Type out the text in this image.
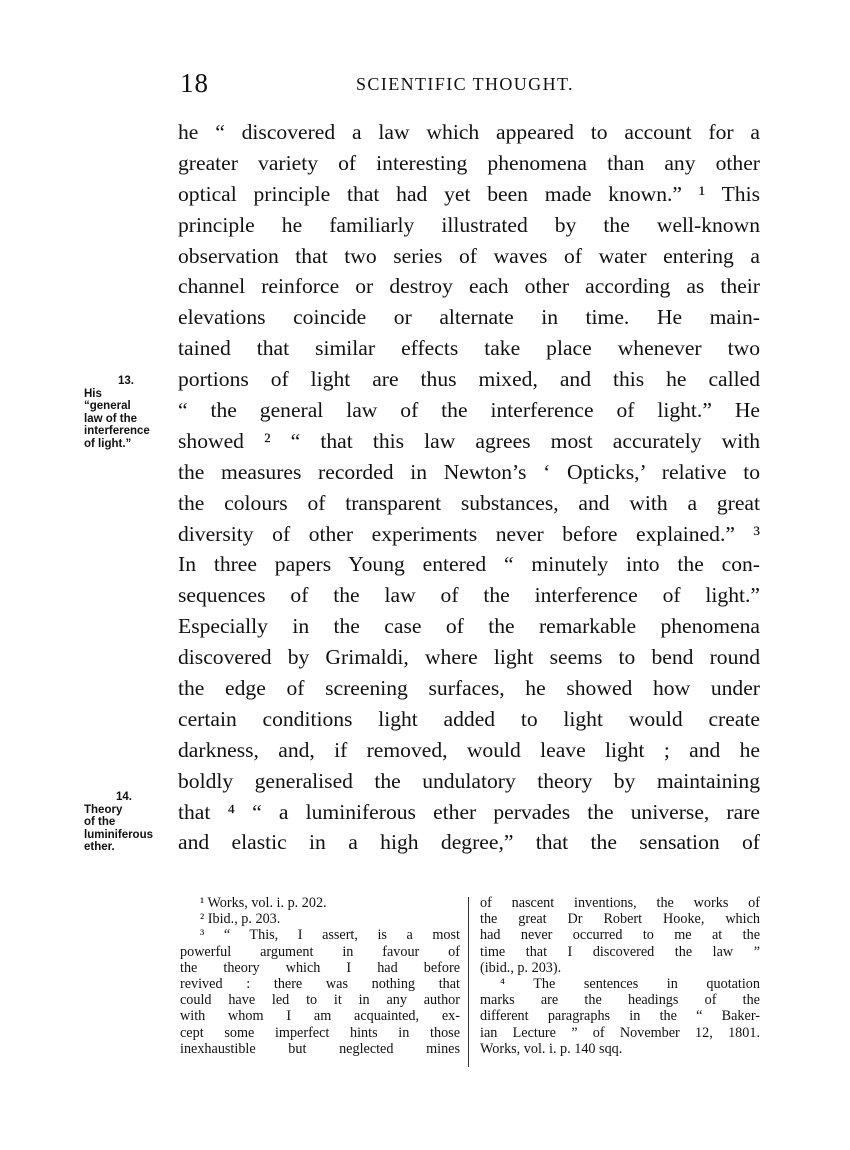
18	SCIENTIFIC THOUGHT.
13.
His
“general
law of the
interference
of light.”
14.
Theory
of the
luminiferous
ether.
he “ discovered a law which appeared to account for a
greater variety of interesting phenomena than any other
optical principle that had yet been made known.” ¹ This
principle he familiarly illustrated by the well-known
observation that two series of waves of water entering a
channel reinforce or destroy each other according as their
elevations coincide or alternate in time. He main-
tained that similar effects take place whenever two
portions of light are thus mixed, and this he called
“ the general law of the interference of light.” He
showed ² “ that this law agrees most accurately with
the measures recorded in Newton’s ‘ Opticks,’ relative to
the colours of transparent substances, and with a great
diversity of other experiments never before explained.” ³
In three papers Young entered “ minutely into the con-
sequences of the law of the interference of light.”
Especially in the case of the remarkable phenomena
discovered by Grimaldi, where light seems to bend round
the edge of screening surfaces, he showed how under
certain conditions light added to light would create
darkness, and, if removed, would leave light ; and he
boldly generalised the undulatory theory by maintaining
that ⁴ “ a luminiferous ether pervades the universe, rare
and elastic in a high degree,” that the sensation of
¹ Works, vol. i. p. 202.
² Ibid., p. 203.
³ “ This, I assert, is a most
powerful argument in favour of
the theory which I had before
revived : there was nothing that
could have led to it in any author
with whom I am acquainted, ex-
cept some imperfect hints in those
inexhaustible but neglected mines
of nascent inventions, the works of
the great Dr Robert Hooke, which
had never occurred to me at the
time that I discovered the law ”
(ibid., p. 203).
⁴ The sentences in quotation
marks are the headings of the
different paragraphs in the “ Baker-
ian Lecture ” of November 12, 1801.
Works, vol. i. p. 140 sqq.
